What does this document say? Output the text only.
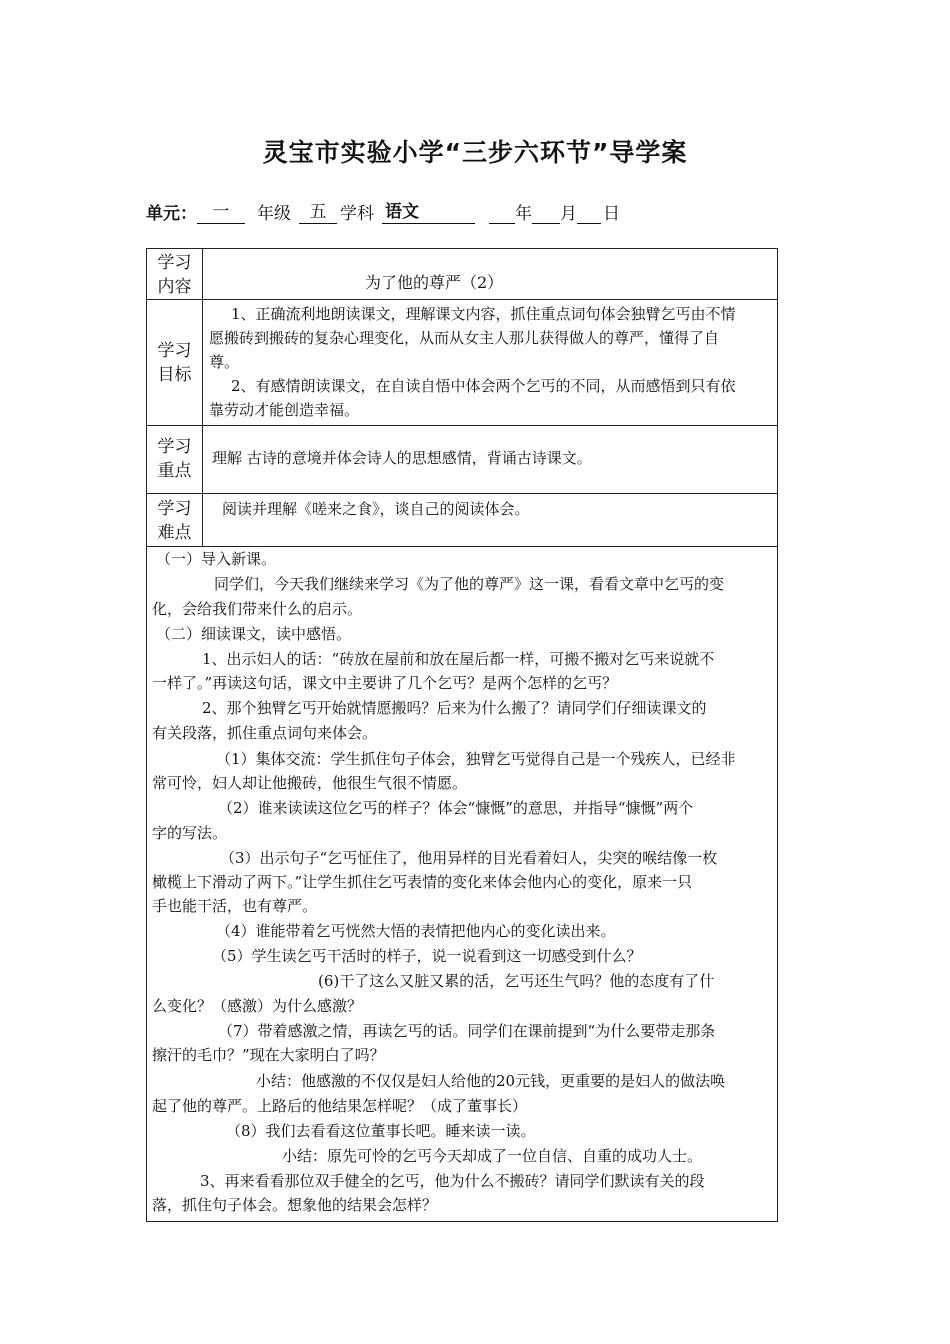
灵宝市实验小学“三步六环节”导学案
单元： 一 年级 五 学科 语文	年 月 日
学习
内容	为了他的尊严（2）
学习
目标
1、正确流利地朗读课文，理解课文内容，抓住重点词句体会独臂乞丐由不情
愿搬砖到搬砖的复杂心理变化，从而从女主人那儿获得做人的尊严，懂得了自
尊。
2、有感情朗读课文，在自读自悟中体会两个乞丐的不同，从而感悟到只有依
靠劳动才能创造幸福。
学习
重点
理解 古诗的意境并体会诗人的思想感情，背诵古诗课文。
学习
难点
阅读并理解《嗟来之食》，谈自己的阅读体会。
（一）导入新课。
同学们，今天我们继续来学习《为了他的尊严》这一课，看看文章中乞丐的变
化，会给我们带来什么的启示。
（二）细读课文，读中感悟。
1、出示妇人的话：“砖放在屋前和放在屋后都一样，可搬不搬对乞丐来说就不
一样了。”再读这句话，课文中主要讲了几个乞丐？是两个怎样的乞丐？
2、那个独臂乞丐开始就情愿搬吗？后来为什么搬了？请同学们仔细读课文的
有关段落，抓住重点词句来体会。
（1）集体交流：学生抓住句子体会，独臂乞丐觉得自己是一个残疾人，已经非
常可怜，妇人却让他搬砖，他很生气很不情愿。
（2）谁来读读这位乞丐的样子？体会“慷慨”的意思，并指导“慷慨”两个
字的写法。
（3）出示句子“乞丐怔住了，他用异样的目光看着妇人，尖突的喉结像一枚
橄榄上下滑动了两下。”让学生抓住乞丐表情的变化来体会他内心的变化，原来一只
手也能干活，也有尊严。
（4）谁能带着乞丐恍然大悟的表情把他内心的变化读出来。
（5）学生读乞丐干活时的样子，说一说看到这一切感受到什么？
(6)干了这么又脏又累的活，乞丐还生气吗？他的态度有了什
么变化？（感激）为什么感激？
（7）带着感激之情，再读乞丐的话。同学们在课前提到“为什么要带走那条
擦汗的毛巾？”现在大家明白了吗？
小结：他感激的不仅仅是妇人给他的20元钱，更重要的是妇人的做法唤
起了他的尊严。上路后的他结果怎样呢？（成了董事长）
（8）我们去看看这位董事长吧。睡来读一读。
小结：原先可怜的乞丐今天却成了一位自信、自重的成功人士。
3、再来看看那位双手健全的乞丐，他为什么不搬砖？请同学们默读有关的段
落，抓住句子体会。想象他的结果会怎样？
